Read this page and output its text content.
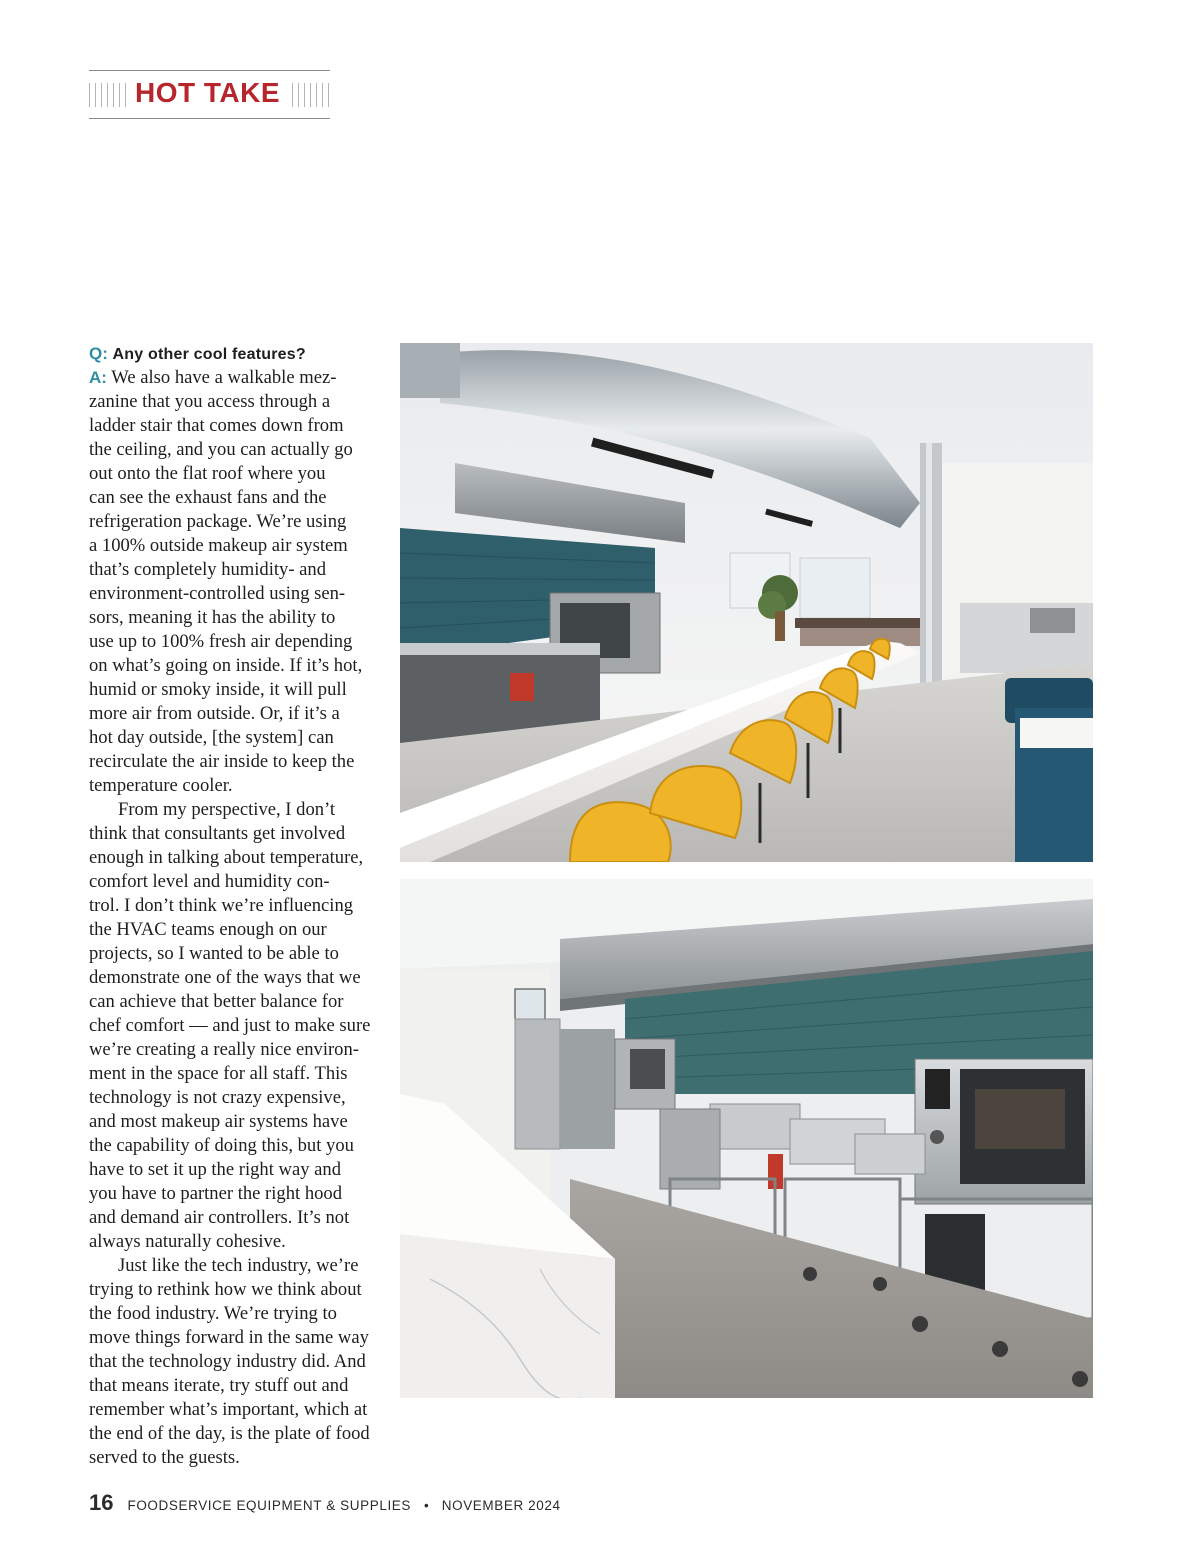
HOT TAKE
Q: Any other cool features?
A: We also have a walkable mez-
zanine that you access through a
ladder stair that comes down from
the ceiling, and you can actually go
out onto the flat roof where you
can see the exhaust fans and the
refrigeration package. We’re using
a 100% outside makeup air system
that’s completely humidity- and
environment-controlled using sen-
sors, meaning it has the ability to
use up to 100% fresh air depending
on what’s going on inside. If it’s hot,
humid or smoky inside, it will pull
more air from outside. Or, if it’s a
hot day outside, [the system] can
recirculate the air inside to keep the
temperature cooler.
From my perspective, I don’t
think that consultants get involved
enough in talking about temperature,
comfort level and humidity con-
trol. I don’t think we’re influencing
the HVAC teams enough on our
projects, so I wanted to be able to
demonstrate one of the ways that we
can achieve that better balance for
chef comfort — and just to make sure
we’re creating a really nice environ-
ment in the space for all staff. This
technology is not crazy expensive,
and most makeup air systems have
the capability of doing this, but you
have to set it up the right way and
you have to partner the right hood
and demand air controllers. It’s not
always naturally cohesive.
Just like the tech industry, we’re
trying to rethink how we think about
the food industry. We’re trying to
move things forward in the same way
that the technology industry did. And
that means iterate, try stuff out and
remember what’s important, which at
the end of the day, is the plate of food
served to the guests.
16 FOODSERVICE EQUIPMENT & SUPPLIES • NOVEMBER 2024
